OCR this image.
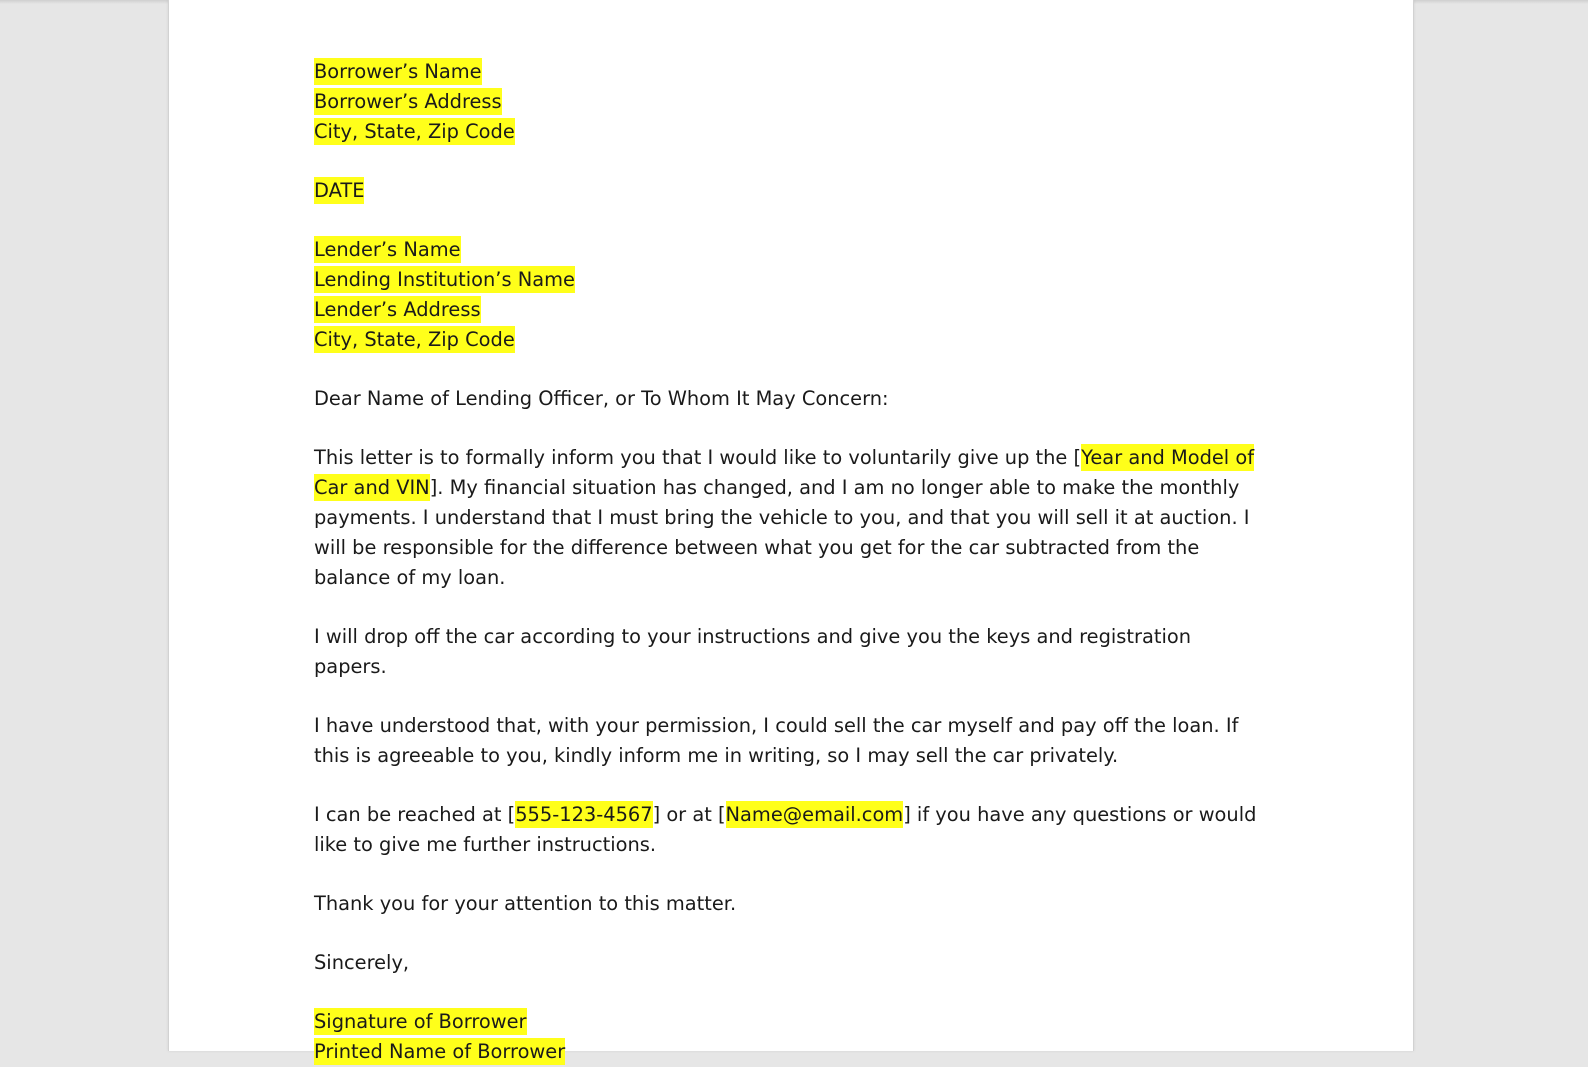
Borrower’s Name
Borrower’s Address
City, State, Zip Code
DATE
Lender’s Name
Lending Institution’s Name
Lender’s Address
City, State, Zip Code

Dear Name of Lending Officer, or To Whom It May Concern:

This letter is to formally inform you that I would like to voluntarily give up the [Year and Model of Car and VIN]. My financial situation has changed, and I am no longer able to make the monthly payments. I understand that I must bring the vehicle to you, and that you will sell it at auction. I will be responsible for the difference between what you get for the car subtracted from the balance of my loan.

I will drop off the car according to your instructions and give you the keys and registration papers.

I have understood that, with your permission, I could sell the car myself and pay off the loan. If this is agreeable to you, kindly inform me in writing, so I may sell the car privately.

I can be reached at [555-123-4567] or at [Name@email.com] if you have any questions or would like to give me further instructions.

Thank you for your attention to this matter.

Sincerely,

Signature of Borrower
Printed Name of Borrower
